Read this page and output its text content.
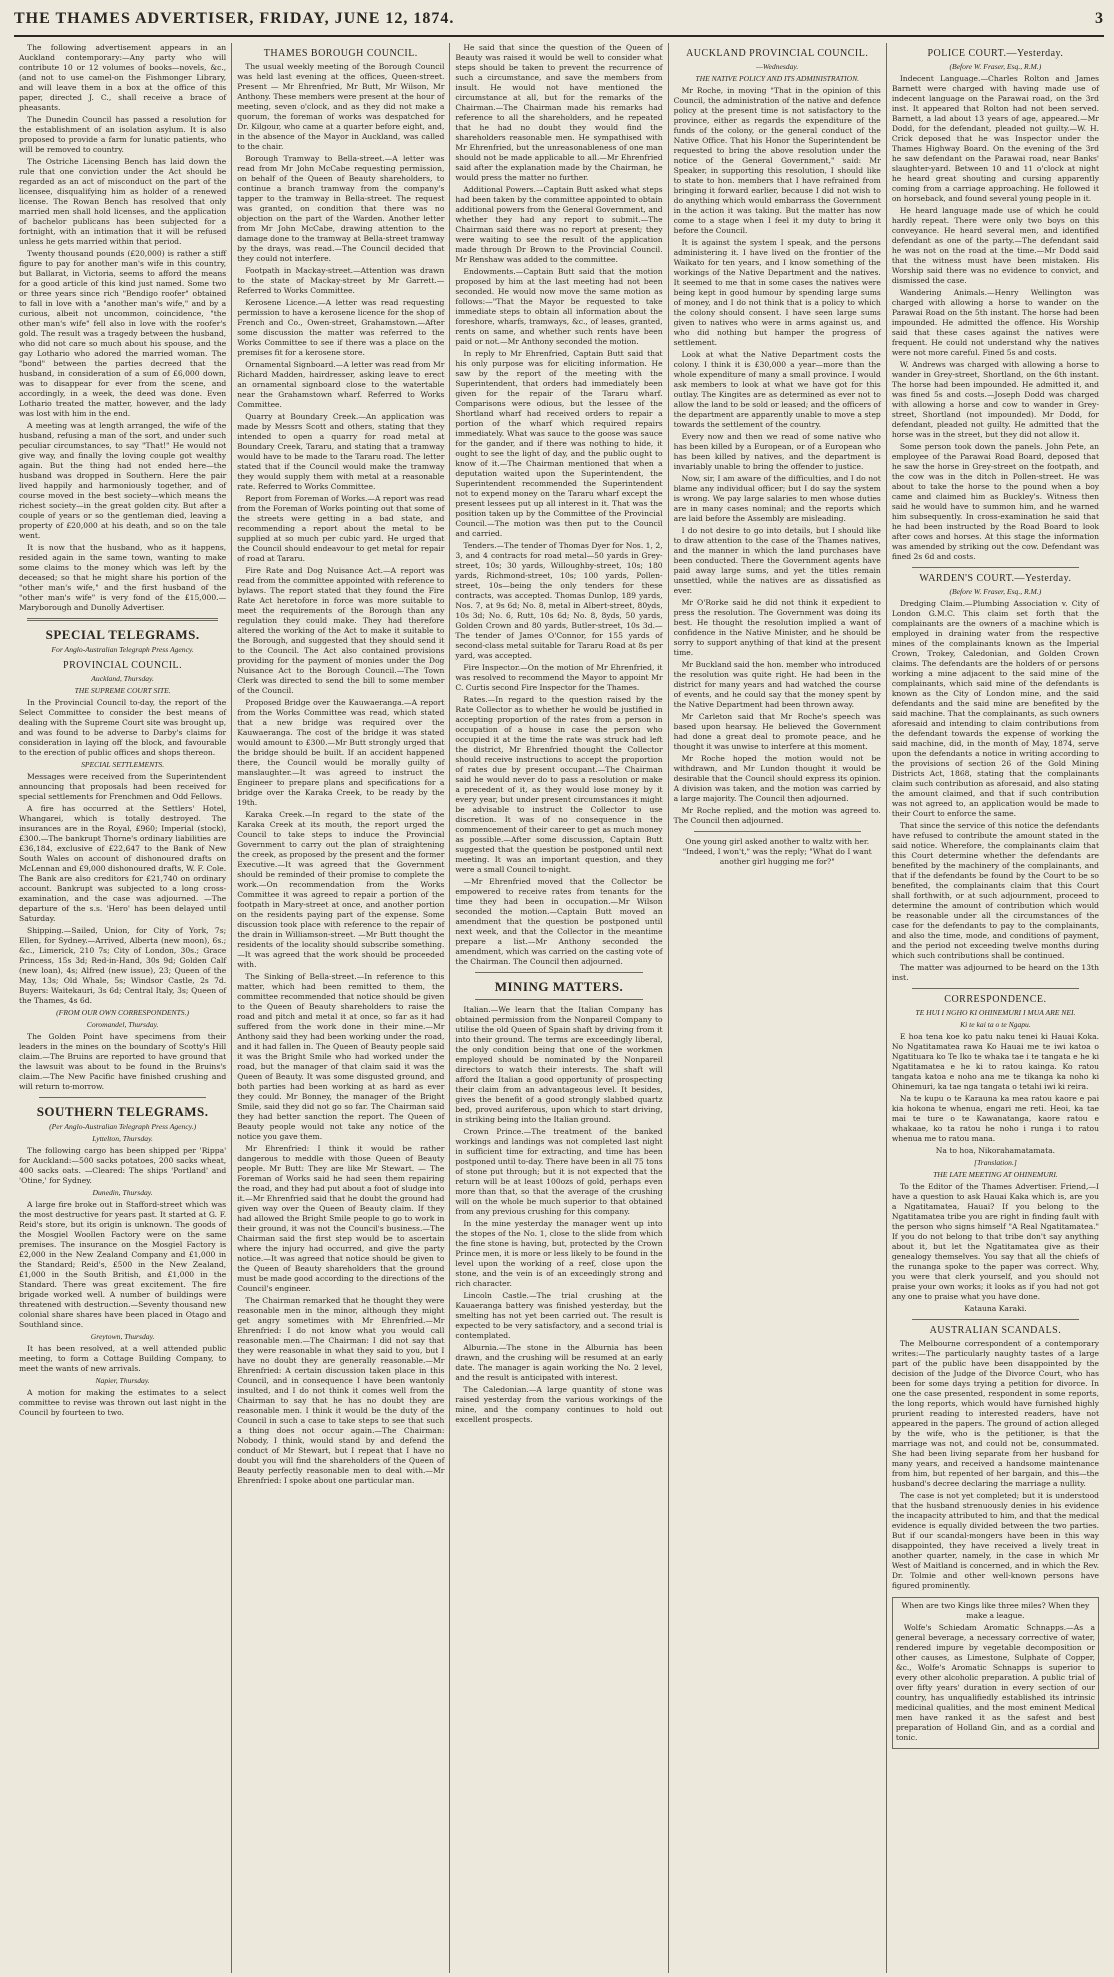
THE THAMES ADVERTISER, FRIDAY, JUNE 12, 1874.	3

The following advertisement appears in an Auckland contemporary:—Any party who will contribute 10 or 12 volumes of books—novels, &c., (and not to use camel-on the Fishmonger Library, and will leave them in a box at the office of this paper, directed J. C., shall receive a brace of pheasants.

The Dunedin Council has passed a resolution for the establishment of an isolation asylum. It is also proposed to provide a farm for lunatic patients, who will be removed to country.

The Ostriche Licensing Bench has laid down the rule that one conviction under the Act should be regarded as an act of misconduct on the part of the licensee, disqualifying him as holder of a renewed license. The Rowan Bench has resolved that only married men shall hold licenses, and the application of bachelor publicans has been subjected for a fortnight, with an intimation that it will be refused unless he gets married within that period.

Twenty thousand pounds (£20,000) is rather a stiff figure to pay for another man's wife in this country, but Ballarat, in Victoria, seems to afford the means for a good article of this kind just named. Some two or three years since rich "Bendigo roofer" obtained to fall in love with a "another man's wife," and by a curious, albeit not uncommon, coincidence, "the other man's wife" fell also in love with the roofer's gold. The result was a tragedy between the husband, who did not care so much about his spouse, and the gay Lothario who adored the married woman. The "bond" between the parties decreed that the husband, in consideration of a sum of £6,000 down, was to disappear for ever from the scene, and accordingly, in a week, the deed was done. Even Lothario treated the matter, however, and the lady was lost with him in the end.

A meeting was at length arranged, the wife of the husband, refusing a man of the sort, and under such peculiar circumstances, to say "That!" He would not give way, and finally the loving couple got wealthy again. But the thing had not ended here—the husband was dropped in Southern. Here the pair lived happily and harmoniously together, and of course moved in the best society—which means the richest society—in the great golden city. But after a couple of years or so the gentleman died, leaving a property of £20,000 at his death, and so on the tale went.

It is now that the husband, who as it happens, resided again in the same town, wanting to make some claims to the money which was left by the deceased; so that he might share his portion of the "other man's wife," and the first husband of the "other man's wife" is very fond of the £15,000.—Maryborough and Dunolly Advertiser.

SPECIAL TELEGRAMS.
For Anglo-Australian Telegraph Press Agency.
PROVINCIAL COUNCIL.
Auckland, Thursday.
THE SUPREME COURT SITE.

In the Provincial Council to-day, the report of the Select Committee to consider the best means of dealing with the Supreme Court site was brought up, and was found to be adverse to Darby's claims for consideration in laying off the block, and favourable to the erection of public offices and shops thereon.

SPECIAL SETTLEMENTS.

Messages were received from the Superintendent announcing that proposals had been received for special settlements for Frenchmen and Odd Fellows.

A fire has occurred at the Settlers' Hotel, Whangarei, which is totally destroyed. The insurances are in the Royal, £960; Imperial (stock), £300.—The bankrupt Thorne's ordinary liabilities are £36,184, exclusive of £22,647 to the Bank of New South Wales on account of dishonoured drafts on McLennan and £9,000 dishonoured drafts, W. F. Cole. The Bank are also creditors for £21,740 on ordinary account. Bankrupt was subjected to a long cross-examination, and the case was adjourned. —The departure of the s.s. 'Hero' has been delayed until Saturday.

Shipping.—Sailed, Union, for City of York, 7s; Ellen, for Sydney.—Arrived, Alberta (new moon), 6s.; &c., Limerick, 210 7s; City of London, 30s.; Grace Princess, 15s 3d; Red-in-Hand, 30s 9d; Golden Calf (new loan), 4s; Alfred (new issue), 23; Queen of the May, 13s; Old Whale, 5s; Windsor Castle, 2s 7d. Buyers: Waitekauri, 3s 6d; Central Italy, 3s; Queen of the Thames, 4s 6d.

(FROM OUR OWN CORRESPONDENTS.)
Coromandel, Thursday.

The Golden Point have specimens from their leaders in the mines on the boundary of Scotty's Hill claim.—The Bruins are reported to have ground that the lawsuit was about to be found in the Bruins's claim.—The New Pacific have finished crushing and will return to-morrow.

SOUTHERN TELEGRAMS.
(Per Anglo-Australian Telegraph Press Agency.)
Lyttelton, Thursday.

The following cargo has been shipped per 'Rippa' for Auckland:—500 sacks potatoes, 200 sacks wheat, 400 sacks oats. —Cleared: The ships 'Portland' and 'Otine,' for Sydney.

Dunedin, Thursday.

A large fire broke out in Stafford-street which was the most destructive for years past. It started at G. F. Reid's store, but its origin is unknown. The goods of the Mosgiel Woollen Factory were on the same premises. The insurance on the Mosgiel Factory is £2,000 in the New Zealand Company and £1,000 in the Standard; Reid's, £500 in the New Zealand, £1,000 in the South British, and £1,000 in the Standard. There was great excitement. The fire brigade worked well. A number of buildings were threatened with destruction.—Seventy thousand new colonial share shares have been placed in Otago and Southland since.

Greytown, Thursday.

It has been resolved, at a well attended public meeting, to form a Cottage Building Company, to meet the wants of new arrivals.

Napier, Thursday.

A motion for making the estimates to a select committee to revise was thrown out last night in the Council by fourteen to two.

THAMES BOROUGH COUNCIL.

The usual weekly meeting of the Borough Council was held last evening at the offices, Queen-street. Present — Mr Ehrenfried, Mr Butt, Mr Wilson, Mr Anthony. These members were present at the hour of meeting, seven o'clock, and as they did not make a quorum, the foreman of works was despatched for Dr. Kilgour, who came at a quarter before eight, and, in the absence of the Mayor in Auckland, was called to the chair.

Borough Tramway to Bella-street.—A letter was read from Mr John McCabe requesting permission, on behalf of the Queen of Beauty shareholders, to continue a branch tramway from the company's tapper to the tramway in Bella-street. The request was granted, on condition that there was no objection on the part of the Warden. Another letter from Mr John McCabe, drawing attention to the damage done to the tramway at Bella-street tramway by the drays, was read.—The Council decided that they could not interfere.

Footpath in Mackay-street.—Attention was drawn to the state of Mackay-street by Mr Garrett.—Referred to Works Committee.

Kerosene Licence.—A letter was read requesting permission to have a kerosene licence for the shop of French and Co., Owen-street, Grahamstown.—After some discussion the matter was referred to the Works Committee to see if there was a place on the premises fit for a kerosene store.

Ornamental Signboard.—A letter was read from Mr Richard Madden, hairdresser, asking leave to erect an ornamental signboard close to the watertable near the Grahamstown wharf. Referred to Works Committee.

Quarry at Boundary Creek.—An application was made by Messrs Scott and others, stating that they intended to open a quarry for road metal at Boundary Creek, Tararu, and stating that a tramway would have to be made to the Tararu road. The letter stated that if the Council would make the tramway they would supply them with metal at a reasonable rate. Referred to Works Committee.

Report from Foreman of Works.—A report was read from the Foreman of Works pointing out that some of the streets were getting in a bad state, and recommending a report about the metal to be supplied at so much per cubic yard. He urged that the Council should endeavour to get metal for repair of road at Tararu.

Fire Rate and Dog Nuisance Act.—A report was read from the committee appointed with reference to bylaws. The report stated that they found the Fire Rate Act heretofore in force was more suitable to meet the requirements of the Borough than any regulation they could make. They had therefore altered the working of the Act to make it suitable to the Borough, and suggested that they should send it to the Council. The Act also contained provisions providing for the payment of monies under the Dog Nuisance Act to the Borough Council.—The Town Clerk was directed to send the bill to some member of the Council.

Proposed Bridge over the Kauwaeranga.—A report from the Works Committee was read, which stated that a new bridge was required over the Kauwaeranga. The cost of the bridge it was stated would amount to £300.—Mr Butt strongly urged that the bridge should be built. If an accident happened there, the Council would be morally guilty of manslaughter.—It was agreed to instruct the Engineer to prepare plans and specifications for a bridge over the Karaka Creek, to be ready by the 19th.

Karaka Creek.—In regard to the state of the Karaka Creek at its mouth, the report urged the Council to take steps to induce the Provincial Government to carry out the plan of straightening the creek, as proposed by the present and the former Executive.—It was agreed that the Government should be reminded of their promise to complete the work.—On recommendation from the Works Committee it was agreed to repair a portion of the footpath in Mary-street at once, and another portion on the residents paying part of the expense. Some discussion took place with reference to the repair of the drain in Williamson-street. —Mr Butt thought the residents of the locality should subscribe something.—It was agreed that the work should be proceeded with.

The Sinking of Bella-street.—In reference to this matter, which had been remitted to them, the committee recommended that notice should be given to the Queen of Beauty shareholders to raise the road and pitch and metal it at once, so far as it had suffered from the work done in their mine.—Mr Anthony said they had been working under the road, and it had fallen in. The Queen of Beauty people said it was the Bright Smile who had worked under the road, but the manager of that claim said it was the Queen of Beauty. It was some disgusted ground, and both parties had been working at as hard as ever they could. Mr Bonney, the manager of the Bright Smile, said they did not go so far. The Chairman said they had better sanction the report. The Queen of Beauty people would not take any notice of the notice you gave them.

Mr Ehrenfried: I think it would be rather dangerous to meddle with those Queen of Beauty people. Mr Butt: They are like Mr Stewart. — The Foreman of Works said he had seen them repairing the road, and they had put about a foot of sludge into it.—Mr Ehrenfried said that he doubt the ground had given way over the Queen of Beauty claim. If they had allowed the Bright Smile people to go to work in their ground, it was not the Council's business.—The Chairman said the first step would be to ascertain where the injury had occurred, and give the party notice.—It was agreed that notice should be given to the Queen of Beauty shareholders that the ground must be made good according to the directions of the Council's engineer.

The Chairman remarked that he thought they were reasonable men in the minor, although they might get angry sometimes with Mr Ehrenfried.—Mr Ehrenfried: I do not know what you would call reasonable men.—The Chairman: I did not say that they were reasonable in what they said to you, but I have no doubt they are generally reasonable.—Mr Ehrenfried: A certain discussion taken place in this Council, and in consequence I have been wantonly insulted, and I do not think it comes well from the Chairman to say that he has no doubt they are reasonable men. I think it would be the duty of the Council in such a case to take steps to see that such a thing does not occur again.—The Chairman: Nobody, I think, would stand by and defend the conduct of Mr Stewart, but I repeat that I have no doubt you will find the shareholders of the Queen of Beauty perfectly reasonable men to deal with.—Mr Ehrenfried: I spoke about one particular man.

He said that since the question of the Queen of Beauty was raised it would be well to consider what steps should be taken to prevent the recurrence of such a circumstance, and save the members from insult. He would not have mentioned the circumstance at all, but for the remarks of the Chairman.—The Chairman made his remarks had reference to all the shareholders, and he repeated that he had no doubt they would find the shareholders reasonable men. He sympathised with Mr Ehrenfried, but the unreasonableness of one man should not be made applicable to all.—Mr Ehrenfried said after the explanation made by the Chairman, he would press the matter no further.

Additional Powers.—Captain Butt asked what steps had been taken by the committee appointed to obtain additional powers from the General Government, and whether they had any report to submit.—The Chairman said there was no report at present; they were waiting to see the result of the application made through Dr Brown to the Provincial Council. Mr Renshaw was added to the committee.

Endowments.—Captain Butt said that the motion proposed by him at the last meeting had not been seconded. He would now move the same motion as follows:—"That the Mayor be requested to take immediate steps to obtain all information about the foreshore, wharfs, tramways, &c., of leases, granted, rents on same, and whether such rents have been paid or not.—Mr Anthony seconded the motion.

In reply to Mr Ehrenfried, Captain Butt said that his only purpose was for eliciting information. He saw by the report of the meeting with the Superintendent, that orders had immediately been given for the repair of the Tararu wharf. Comparisons were odious, but the lessee of the Shortland wharf had received orders to repair a portion of the wharf which required repairs immediately. What was sauce to the goose was sauce for the gander, and if there was nothing to hide, it ought to see the light of day, and the public ought to know of it.—The Chairman mentioned that when a deputation waited upon the Superintendent, the Superintendent recommended the Superintendent not to expend money on the Tararu wharf except the present lessees put up all interest in it. That was the position taken up by the Committee of the Provincial Council.—The motion was then put to the Council and carried.

Tenders.—The tender of Thomas Dyer for Nos. 1, 2, 3, and 4 contracts for road metal—50 yards in Grey-street, 10s; 30 yards, Willoughby-street, 10s; 180 yards, Richmond-street, 10s; 100 yards, Pollen-street, 10s—being the only tenders for these contracts, was accepted. Thomas Dunlop, 189 yards, Nos. 7, at 9s 6d; No. 8, metal in Albert-street, 80yds, 10s 3d; No. 6, Rutt, 10s 6d; No. 8, 8yds, 50 yards, Golden Crown and 80 yards, Butler-street, 10s 3d.—The tender of James O'Connor, for 155 yards of second-class metal suitable for Tararu Road at 8s per yard, was accepted.

Fire Inspector.—On the motion of Mr Ehrenfried, it was resolved to recommend the Mayor to appoint Mr C. Curtis second Fire Inspector for the Thames.

Rates.—In regard to the question raised by the Rate Collector as to whether he would be justified in accepting proportion of the rates from a person in occupation of a house in case the person who occupied it at the time the rate was struck had left the district, Mr Ehrenfried thought the Collector should receive instructions to accept the proportion of rates due by present occupant.—The Chairman said he would never do to pass a resolution or make a precedent of it, as they would lose money by it every year, but under present circumstances it might be advisable to instruct the Collector to use discretion. It was of no consequence in the commencement of their career to get as much money as possible.—After some discussion, Captain Butt suggested that the question be postponed until next meeting. It was an important question, and they were a small Council to-night.

—Mr Ehrenfried moved that the Collector be empowered to receive rates from tenants for the time they had been in occupation.—Mr Wilson seconded the motion.—Captain Butt moved an amendment that the question be postponed until next week, and that the Collector in the meantime prepare a list.—Mr Anthony seconded the amendment, which was carried on the casting vote of the Chairman. The Council then adjourned.

MINING MATTERS.

Italian.—We learn that the Italian Company has obtained permission from the Nonpareil Company to utilise the old Queen of Spain shaft by driving from it into their ground. The terms are exceedingly liberal, the only condition being that one of the workmen employed should be nominated by the Nonpareil directors to watch their interests. The shaft will afford the Italian a good opportunity of prospecting their claim from an advantageous level. It besides, gives the benefit of a good strongly slabbed quartz bed, proved auriferous, upon which to start driving, in striking being into the Italian ground.

Crown Prince.—The treatment of the banked workings and landings was not completed last night in sufficient time for extracting, and time has been postponed until to-day. There have been in all 75 tons of stone put through; but it is not expected that the return will be at least 100ozs of gold, perhaps even more than that, so that the average of the crushing will on the whole be much superior to that obtained from any previous crushing for this company.

In the mine yesterday the manager went up into the stopes of the No. 1, close to the slide from which the fine stone is having, but, protected by the Crown Prince men, it is more or less likely to be found in the level upon the working of a reef, close upon the stone, and the vein is of an exceedingly strong and rich character.

Lincoln Castle.—The trial crushing at the Kauaeranga battery was finished yesterday, but the smelting has not yet been carried out. The result is expected to be very satisfactory, and a second trial is contemplated.

Alburnia.—The stone in the Alburnia has been drawn, and the crushing will be resumed at an early date. The manager is again working the No. 2 level, and the result is anticipated with interest.

The Caledonian.—A large quantity of stone was raised yesterday from the various workings of the mine, and the company continues to hold out excellent prospects.

AUCKLAND PROVINCIAL COUNCIL.
—Wednesday.
THE NATIVE POLICY AND ITS ADMINISTRATION.

Mr Roche, in moving "That in the opinion of this Council, the administration of the native and defence policy at the present time is not satisfactory to the province, either as regards the expenditure of the funds of the colony, or the general conduct of the Native Office. That his Honor the Superintendent be requested to bring the above resolution under the notice of the General Government," said: Mr Speaker, in supporting this resolution, I should like to state to hon. members that I have refrained from bringing it forward earlier, because I did not wish to do anything which would embarrass the Government in the action it was taking. But the matter has now come to a stage when I feel it my duty to bring it before the Council.

It is against the system I speak, and the persons administering it. I have lived on the frontier of the Waikato for ten years, and I know something of the workings of the Native Department and the natives. It seemed to me that in some cases the natives were being kept in good humour by spending large sums of money, and I do not think that is a policy to which the colony should consent. I have seen large sums given to natives who were in arms against us, and who did nothing but hamper the progress of settlement.

Look at what the Native Department costs the colony. I think it is £30,000 a year—more than the whole expenditure of many a small province. I would ask members to look at what we have got for this outlay. The Kingites are as determined as ever not to allow the land to be sold or leased; and the officers of the department are apparently unable to move a step towards the settlement of the country.

Every now and then we read of some native who has been killed by a European, or of a European who has been killed by natives, and the department is invariably unable to bring the offender to justice.

Now, sir, I am aware of the difficulties, and I do not blame any individual officer; but I do say the system is wrong. We pay large salaries to men whose duties are in many cases nominal; and the reports which are laid before the Assembly are misleading.

I do not desire to go into details, but I should like to draw attention to the case of the Thames natives, and the manner in which the land purchases have been conducted. There the Government agents have paid away large sums, and yet the titles remain unsettled, while the natives are as dissatisfied as ever.

Mr O'Rorke said he did not think it expedient to press the resolution. The Government was doing its best. He thought the resolution implied a want of confidence in the Native Minister, and he should be sorry to support anything of that kind at the present time.

Mr Buckland said the hon. member who introduced the resolution was quite right. He had been in the district for many years and had watched the course of events, and he could say that the money spent by the Native Department had been thrown away.

Mr Carleton said that Mr Roche's speech was based upon hearsay. He believed the Government had done a great deal to promote peace, and he thought it was unwise to interfere at this moment.

Mr Roche hoped the motion would not be withdrawn, and Mr Lundon thought it would be desirable that the Council should express its opinion. A division was taken, and the motion was carried by a large majority. The Council then adjourned.

Mr Roche replied, and the motion was agreed to. The Council then adjourned.

One young girl asked another to waltz with her. "Indeed, I won't," was the reply; "What do I want another girl hugging me for?"

POLICE COURT.—Yesterday.
(Before W. Fraser, Esq., R.M.)

Indecent Language.—Charles Rolton and James Barnett were charged with having made use of indecent language on the Parawai road, on the 3rd inst. It appeared that Rolton had not been served. Barnett, a lad about 13 years of age, appeared.—Mr Dodd, for the defendant, pleaded not guilty.—W. H. Crick deposed that he was Inspector under the Thames Highway Board. On the evening of the 3rd he saw defendant on the Parawai road, near Banks' slaughter-yard. Between 10 and 11 o'clock at night he heard great shouting and cursing apparently coming from a carriage approaching. He followed it on horseback, and found several young people in it.

He heard language made use of which he could hardly repeat. There were only two boys on this conveyance. He heard several men, and identified defendant as one of the party.—The defendant said he was not on the road at the time.—Mr Dodd said that the witness must have been mistaken. His Worship said there was no evidence to convict, and dismissed the case.

Wandering Animals.—Henry Wellington was charged with allowing a horse to wander on the Parawai Road on the 5th instant. The horse had been impounded. He admitted the offence. His Worship said that these cases against the natives were frequent. He could not understand why the natives were not more careful. Fined 5s and costs.

W. Andrews was charged with allowing a horse to wander in Grey-street, Shortland, on the 6th instant. The horse had been impounded. He admitted it, and was fined 5s and costs.—Joseph Dodd was charged with allowing a horse and cow to wander in Grey-street, Shortland (not impounded). Mr Dodd, for defendant, pleaded not guilty. He admitted that the horse was in the street, but they did not allow it.

Some person took down the panels. John Pete, an employee of the Parawai Road Board, deposed that he saw the horse in Grey-street on the footpath, and the cow was in the ditch in Pollen-street. He was about to take the horse to the pound when a boy came and claimed him as Buckley's. Witness then said he would have to summon him, and he warned him subsequently. In cross-examination he said that he had been instructed by the Road Board to look after cows and horses. At this stage the information was amended by striking out the cow. Defendant was fined 2s 6d and costs.

WARDEN'S COURT.—Yesterday.
(Before W. Fraser, Esq., R.M.)

Dredging Claim.—Plumbing Association v. City of London G.M.C. This claim set forth that the complainants are the owners of a machine which is employed in draining water from the respective mines of the complainants known as the Imperial Crown, Trokey, Caledonian, and Golden Crown claims. The defendants are the holders of or persons working a mine adjacent to the said mine of the complainants, which said mine of the defendants is known as the City of London mine, and the said defendants and the said mine are benefited by the said machine. That the complainants, as such owners aforesaid and intending to claim contributions from the defendant towards the expense of working the said machine, did, in the month of May, 1874, serve upon the defendants a notice in writing according to the provisions of section 26 of the Gold Mining Districts Act, 1868, stating that the complainants claim such contribution as aforesaid, and also stating the amount claimed, and that if such contribution was not agreed to, an application would be made to their Court to enforce the same.

That since the service of this notice the defendants have refused to contribute the amount stated in the said notice. Wherefore, the complainants claim that this Court determine whether the defendants are benefited by the machinery of the complainants, and that if the defendants be found by the Court to be so benefited, the complainants claim that this Court shall forthwith, or at such adjournment, proceed to determine the amount of contribution which would be reasonable under all the circumstances of the case for the defendants to pay to the complainants, and also the time, mode, and conditions of payment, and the period not exceeding twelve months during which such contributions shall be continued.

The matter was adjourned to be heard on the 13th inst.

CORRESPONDENCE.
TE HUI I NGHO KI OHINEMURI I MUA ARE NEI.
Ki te kai ta o te Ngapu.

E hoa tena koe ko patu naku tenei ki Hauai Koka. No Ngatitamatea rawa Ko Hauai me te iwi katoa o Ngatituara ko Te Iko te whaka tae i te tangata e he ki Ngatitamatea e he ki to ratou kainga. Ko ratou tangata katoa e noho ana me te tikanga ka noho ki Ohinemuri, ka tae nga tangata o tetahi iwi ki reira.

Na te kupu o te Karauna ka mea ratou kaore e pai kia hokona te whenua, engari me reti. Heoi, ka tae mai te ture o te Kawanatanga, kaore ratou e whakaae, ko ta ratou he noho i runga i to ratou whenua me to ratou mana.

Na to hoa, Nikorahamatamata.

[Translation.]
THE LATE MEETING AT OHINEMURI.

To the Editor of the Thames Advertiser. Friend,—I have a question to ask Hauai Kaka which is, are you a Ngatitamatea, Hauai? If you belong to the Ngatitamatea tribe you are right in finding fault with the person who signs himself "A Real Ngatitamatea." If you do not belong to that tribe don't say anything about it, but let the Ngatitamatea give as their genealogy themselves. You say that all the chiefs of the runanga spoke to the paper was correct. Why, you were that clerk yourself, and you should not praise your own works; it looks as if you had not got any one to praise what you have done.

Katauna Karaki.

AUSTRALIAN SCANDALS.

The Melbourne correspondent of a contemporary writes:—The particularly naughty tastes of a large part of the public have been disappointed by the decision of the Judge of the Divorce Court, who has been for some days trying a petition for divorce. In one the case presented, respondent in some reports, the long reports, which would have furnished highly prurient reading to interested readers, have not appeared in the papers. The ground of action alleged by the wife, who is the petitioner, is that the marriage was not, and could not be, consummated. She had been living separate from her husband for many years, and received a handsome maintenance from him, but repented of her bargain, and this—the husband's decree declaring the marriage a nullity.

The case is not yet completed; but it is understood that the husband strenuously denies in his evidence the incapacity attributed to him, and that the medical evidence is equally divided between the two parties. But if our scandal-mongers have been in this way disappointed, they have received a lively treat in another quarter, namely, in the case in which Mr West of Maitland is concerned, and in which the Rev. Dr. Tolmie and other well-known persons have figured prominently.

When are two Kings like three miles? When they make a league.

Wolfe's Schiedam Aromatic Schnapps.—As a general beverage, a necessary corrective of water, rendered impure by vegetable decomposition or other causes, as Limestone, Sulphate of Copper, &c., Wolfe's Aromatic Schnapps is superior to every other alcoholic preparation. A public trial of over fifty years' duration in every section of our country, has unqualifiedly established its intrinsic medicinal qualities, and the most eminent Medical men have ranked it as the safest and best preparation of Holland Gin, and as a cordial and tonic.
